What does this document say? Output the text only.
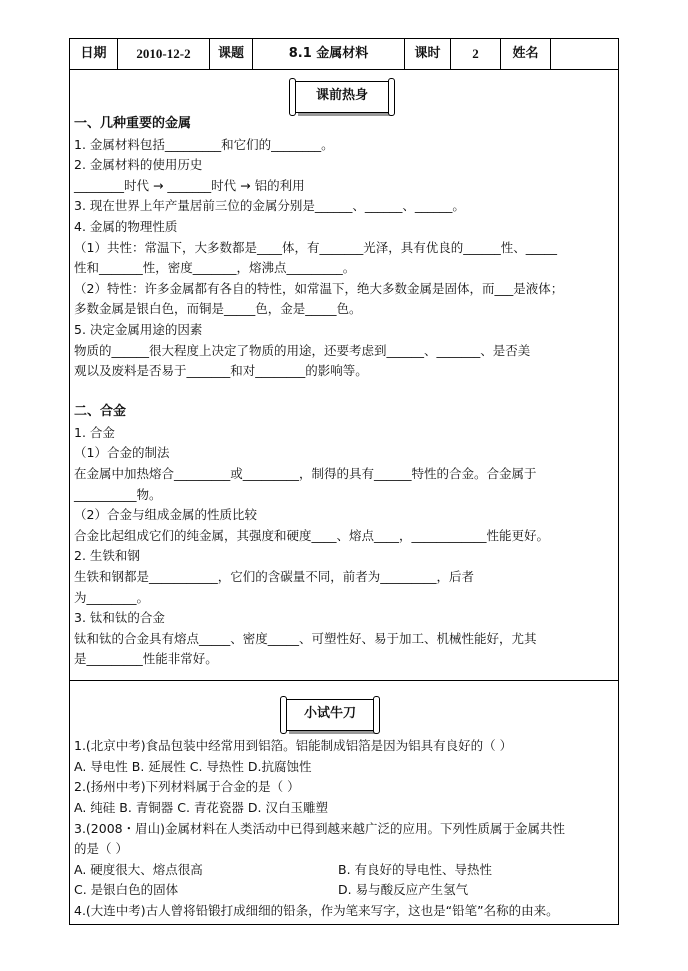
日期	2010-12-2	课题	8.1 金属材料	课时	2	姓名
课前热身
一、几种重要的金属
1. 金属材料包括_________和它们的________。
2. 金属材料的使用历史
________时代 → _______时代 → 铝的利用
3. 现在世界上年产量居前三位的金属分别是______、______、______。
4. 金属的物理性质
（1）共性：常温下，大多数都是____体，有_______光泽，具有优良的______性、_____
性和_______性，密度_______，熔沸点_________。
（2）特性：许多金属都有各自的特性，如常温下，绝大多数金属是固体，而___是液体；
多数金属是银白色，而铜是_____色，金是_____色。
5. 决定金属用途的因素
物质的______很大程度上决定了物质的用途，还要考虑到______、_______、是否美
观以及废料是否易于_______和对________的影响等。
二、合金
1. 合金
（1）合金的制法
在金属中加热熔合_________或_________，制得的具有______特性的合金。合金属于
__________物。
（2）合金与组成金属的性质比较
合金比起组成它们的纯金属，其强度和硬度____、熔点____，____________性能更好。
2. 生铁和钢
生铁和钢都是___________，它们的含碳量不同，前者为_________，后者
为________。
3. 钛和钛的合金
钛和钛的合金具有熔点_____、密度_____、可塑性好、易于加工、机械性能好，尤其
是_________性能非常好。
小试牛刀
1.(北京中考)食品包装中经常用到铝箔。铝能制成铝箔是因为铝具有良好的（ ）
A. 导电性 B. 延展性 C. 导热性 D.抗腐蚀性
2.(扬州中考)下列材料属于合金的是（ ）
A. 纯硅 B. 青铜器 C. 青花瓷器 D. 汉白玉雕塑
3.(2008・眉山)金属材料在人类活动中已得到越来越广泛的应用。下列性质属于金属共性
的是（ ）
A. 硬度很大、熔点很高	B. 有良好的导电性、导热性
C. 是银白色的固体	D. 易与酸反应产生氢气
4.(大连中考)古人曾将铅锻打成细细的铅条，作为笔来写字，这也是“铅笔”名称的由来。
